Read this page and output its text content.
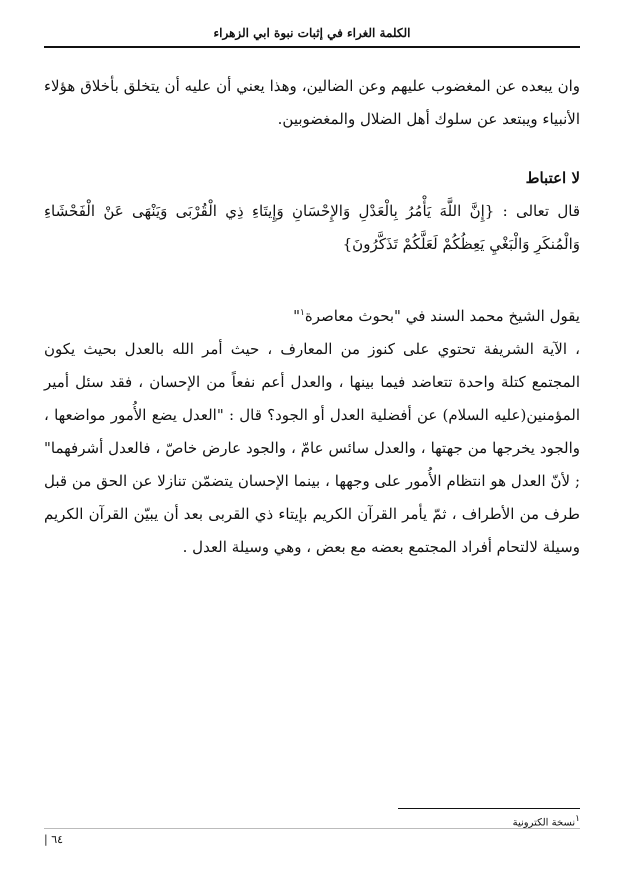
الكلمة الغراء في إثبات نبوة ابي الزهراء

وان يبعده عن المغضوب عليهم وعن الضالين، وهذا يعني أن عليه أن يتخلق بأخلاق هؤلاء الأنبياء ويبتعد عن سلوك أهل الضلال والمغضوبين.

لا اعتباط

قال تعالى : {إِنَّ اللَّهَ يَأْمُرُ بِالْعَدْلِ وَالإِحْسَانِ وَإِيتَاءِ ذِي الْقُرْبَى وَيَنْهَى عَنْ الْفَحْشَاءِ وَالْمُنكَرِ وَالْبَغْيِ يَعِظُكُمْ لَعَلَّكُمْ تَذَكَّرُونَ}

يقول الشيخ محمد السند في "بحوث معاصرة$^١$"

، الآية الشريفة تحتوي على كنوز من المعارف ، حيث أمر الله بالعدل بحيث يكون المجتمع كتلة واحدة تتعاضد فيما بينها ، والعدل أعم نفعاً من الإحسان ، فقد سئل أمير المؤمنين(عليه السلام) عن أفضلية العدل أو الجود؟ قال : "العدل يضع الأُمور مواضعها ، والجود يخرجها من جهتها ، والعدل سائس عامّ ، والجود عارض خاصّ ، فالعدل أشرفهما" ; لأنّ العدل هو انتظام الأُمور على وجهها ، بينما الإحسان يتضمّن تنازلا عن الحق من قبل طرف من الأطراف ، ثمّ يأمر القرآن الكريم بإيتاء ذي القربى بعد أن يبيّن القرآن الكريم وسيلة لالتحام أفراد المجتمع بعضه مع بعض ، وهي وسيلة العدل .

$^١$نسخة الكترونية
٦٤ |
